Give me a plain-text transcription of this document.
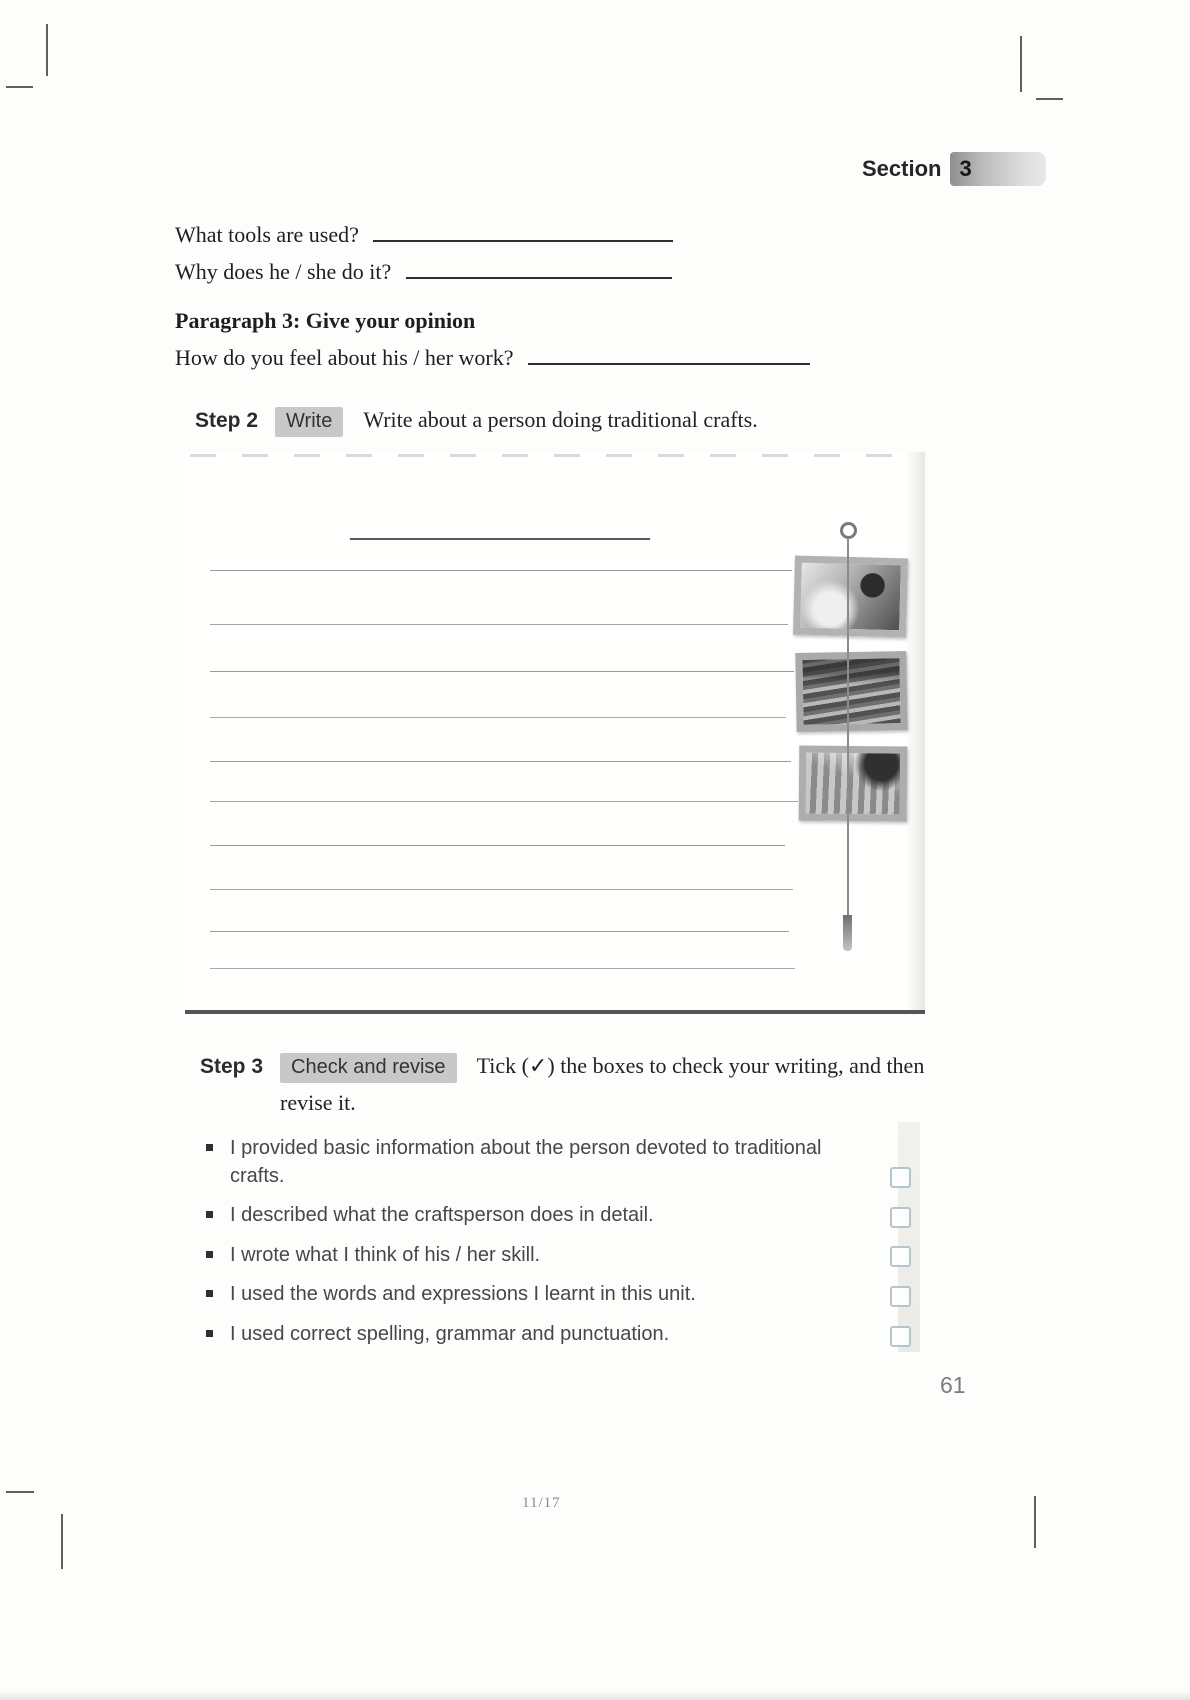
Section 3
What tools are used?
Why does he / she do it?
Paragraph 3: Give your opinion
How do you feel about his / her work?
Step 2	Write	Write about a person doing traditional crafts.
Step 3	Check and revise	Tick (✓) the boxes to check your writing, and then
revise it.
I provided basic information about the person devoted to traditional crafts.
I described what the craftsperson does in detail.
I wrote what I think of his / her skill.
I used the words and expressions I learnt in this unit.
I used correct spelling, grammar and punctuation.
61
11/17
